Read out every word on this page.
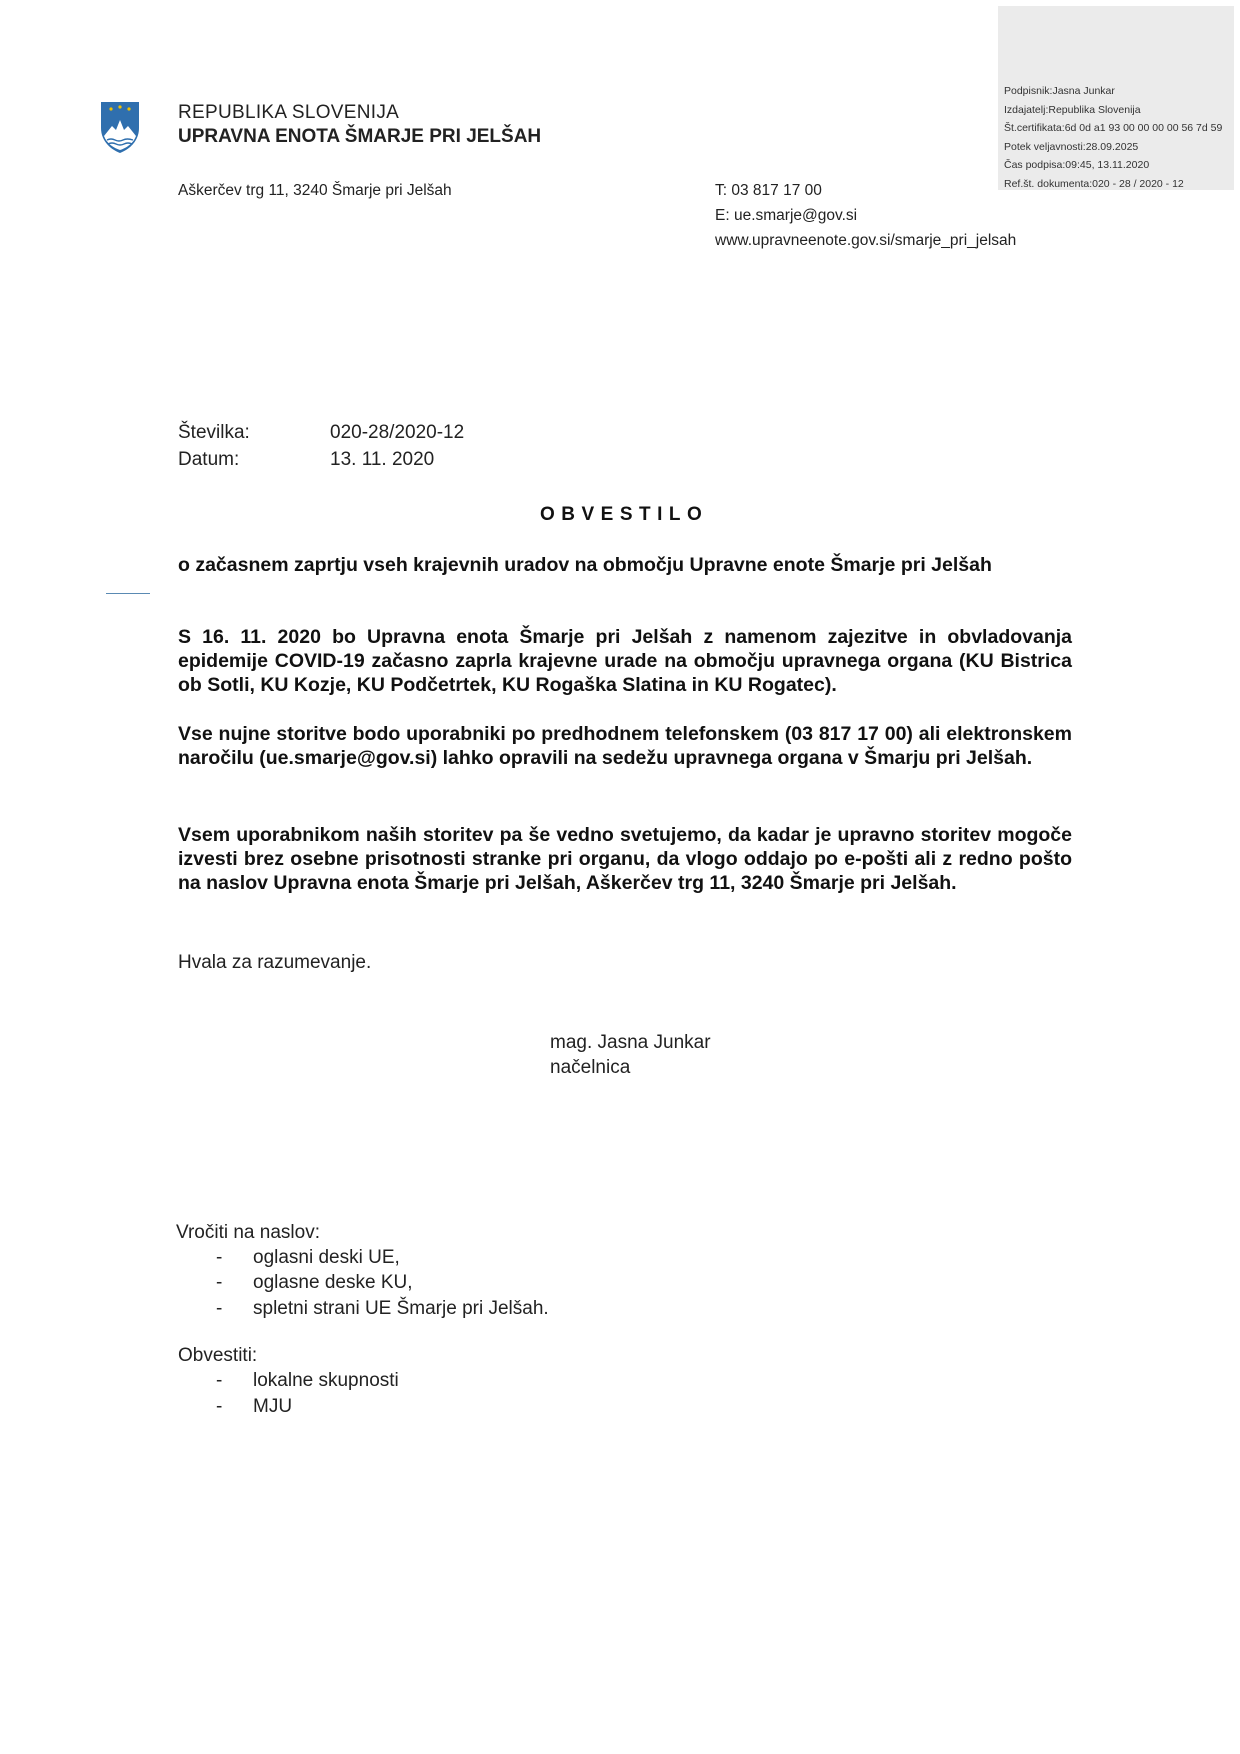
Podpisnik:Jasna Junkar
Izdajatelj:Republika Slovenija
Št.certifikata:6d 0d a1 93 00 00 00 00 56 7d 59
Potek veljavnosti:28.09.2025
Čas podpisa:09:45, 13.11.2020
Ref.št. dokumenta:020 - 28 / 2020 - 12
REPUBLIKA SLOVENIJA
UPRAVNA ENOTA ŠMARJE PRI JELŠAH
Aškerčev trg 11, 3240 Šmarje pri Jelšah	T: 03 817 17 00
E: ue.smarje@gov.si
www.upravneenote.gov.si/smarje_pri_jelsah
Številka:	020-28/2020-12
Datum:	13. 11. 2020
OBVESTILO
o začasnem zaprtju vseh krajevnih uradov na območju Upravne enote Šmarje pri Jelšah
S 16. 11. 2020 bo Upravna enota Šmarje pri Jelšah z namenom zajezitve in obvladovanja epidemije COVID-19 začasno zaprla krajevne urade na območju upravnega organa (KU Bistrica ob Sotli, KU Kozje, KU Podčetrtek, KU Rogaška Slatina in KU Rogatec).
Vse nujne storitve bodo uporabniki po predhodnem telefonskem (03 817 17 00) ali elektronskem naročilu (ue.smarje@gov.si) lahko opravili na sedežu upravnega organa v Šmarju pri Jelšah.
Vsem uporabnikom naših storitev pa še vedno svetujemo, da kadar je upravno storitev mogoče izvesti brez osebne prisotnosti stranke pri organu, da vlogo oddajo po e-pošti ali z redno pošto na naslov Upravna enota Šmarje pri Jelšah, Aškerčev trg 11, 3240 Šmarje pri Jelšah.
Hvala za razumevanje.
mag. Jasna Junkar
načelnica
Vročiti na naslov:
- oglasni deski UE,
- oglasne deske KU,
- spletni strani UE Šmarje pri Jelšah.
Obvestiti:
- lokalne skupnosti
- MJU
